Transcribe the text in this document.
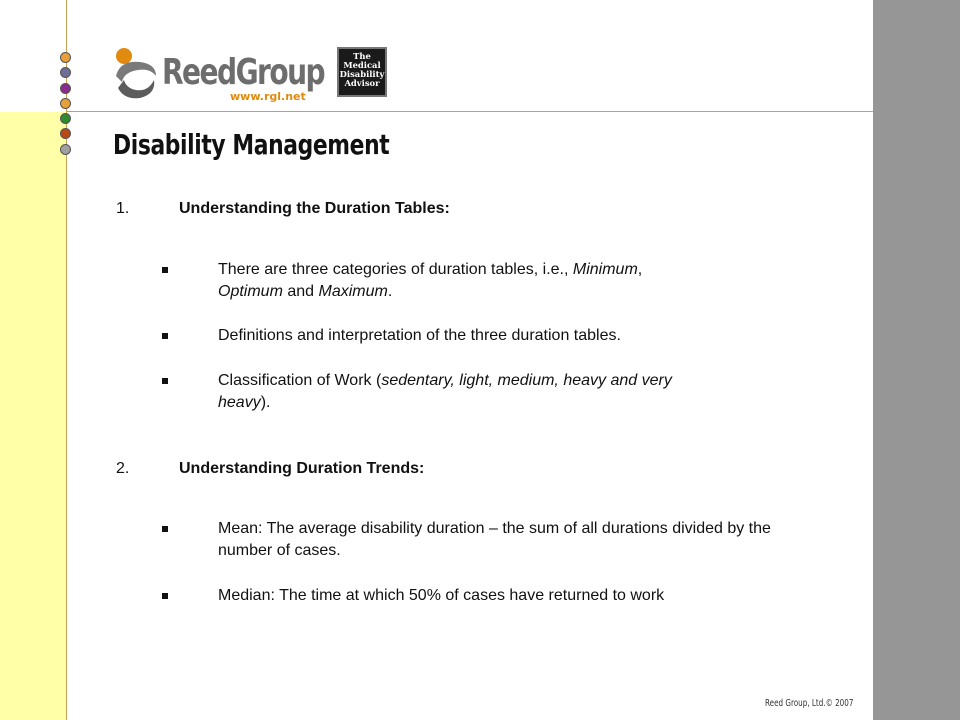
ReedGroup
www.rgl.net
The
Medical
Disability
Advisor
Disability Management
1.	Understanding the Duration Tables:
There are three categories of duration tables, i.e., Minimum,
Optimum and Maximum.
Definitions and interpretation of the three duration tables.
Classification of Work (sedentary, light, medium, heavy and very
heavy).
2.	Understanding Duration Trends:
Mean: The average disability duration – the sum of all durations divided by the number of cases.
Median: The time at which 50% of cases have returned to work
Reed Group, Ltd.© 2007
